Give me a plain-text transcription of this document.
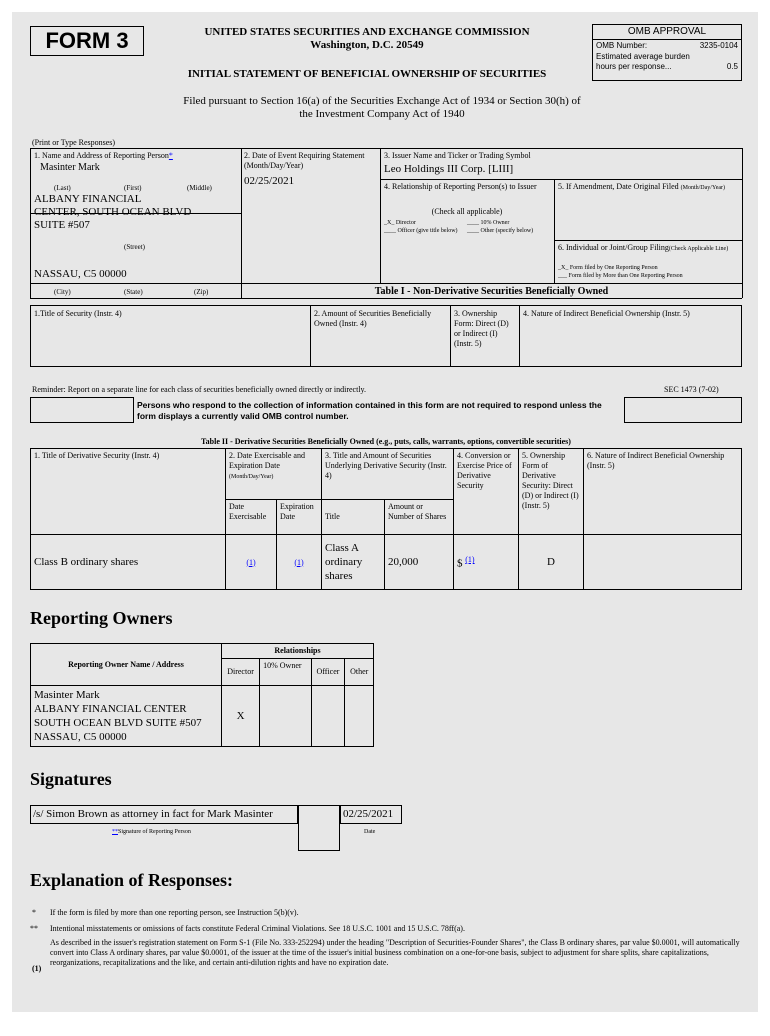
FORM 3	UNITED STATES SECURITIES AND EXCHANGE COMMISSION
Washington, D.C. 20549
INITIAL STATEMENT OF BENEFICIAL OWNERSHIP OF SECURITIES
OMB APPROVAL
OMB Number:	3235-0104
Estimated average burden
hours per response...	0.5
Filed pursuant to Section 16(a) of the Securities Exchange Act of 1934 or Section 30(h) of
the Investment Company Act of 1940
(Print or Type Responses)
1. Name and Address of Reporting Person*
Masinter Mark
(Last)	(First)	(Middle)
ALBANY FINANCIAL
CENTER, SOUTH OCEAN BLVD
SUITE #507
(Street)
NASSAU, C5 00000
(City)	(State)	(Zip)
2. Date of Event Requiring Statement (Month/Day/Year)
02/25/2021
3. Issuer Name and Ticker or Trading Symbol
Leo Holdings III Corp. [LIII]
4. Relationship of Reporting Person(s) to Issuer
(Check all applicable)
_X_ Director	____ 10% Owner
____ Officer (give title below)	____ Other (specify below)
5. If Amendment, Date Original Filed (Month/Day/Year)
6. Individual or Joint/Group Filing(Check Applicable Line)
_X_ Form filed by One Reporting Person
___ Form filed by More than One Reporting Person
Table I - Non-Derivative Securities Beneficially Owned
1.Title of Security (Instr. 4)	2. Amount of Securities Beneficially Owned (Instr. 4)
3. Ownership Form: Direct (D) or Indirect (I) (Instr. 5)
4. Nature of Indirect Beneficial Ownership (Instr. 5)
Reminder: Report on a separate line for each class of securities beneficially owned directly or indirectly.	SEC 1473 (7-02)
Persons who respond to the collection of information contained in this form are not required to respond unless the form displays a currently valid OMB control number.
Table II - Derivative Securities Beneficially Owned (e.g., puts, calls, warrants, options, convertible securities)
1. Title of Derivative Security (Instr. 4)	2. Date Exercisable and Expiration Date
(Month/Day/Year)		3. Title and Amount of Securities Underlying Derivative Security (Instr. 4)		4. Conversion or Exercise Price of Derivative Security	5. Ownership Form of Derivative Security: Direct (D) or Indirect (I) (Instr. 5)	6. Nature of Indirect Beneficial Ownership (Instr. 5)
	Date Exercisable	Expiration Date	Title	Amount or Number of Shares			
Class B ordinary shares	(1)	(1)	Class A ordinary shares	20,000	$ $^{(1)}$	D	
Reporting Owners
Reporting Owner Name / Address	Relationships			
	Director	10% Owner	Officer	Other

Masinter Mark
ALBANY FINANCIAL CENTER
SOUTH OCEAN BLVD SUITE #507
NASSAU, C5 00000	X			
Signatures
/s/ Simon Brown as attorney in fact for Mark Masinter	02/25/2021
**Signature of Reporting Person	Date
Explanation of Responses:
* If the form is filed by more than one reporting person, see Instruction 5(b)(v).
** Intentional misstatements or omissions of facts constitute Federal Criminal Violations. See 18 U.S.C. 1001 and 15 U.S.C. 78ff(a).
(1)
As described in the issuer's registration statement on Form S-1 (File No. 333-252294) under the heading "Description of Securities-Founder Shares", the Class B ordinary shares, par value $0.0001, will automatically convert into Class A ordinary shares, par value $0.0001, of the issuer at the time of the issuer's initial business combination on a one-for-one basis, subject to adjustment for share splits, share capitalizations, reorganizations, recapitalizations and the like, and certain anti-dilution rights and have no expiration date.
